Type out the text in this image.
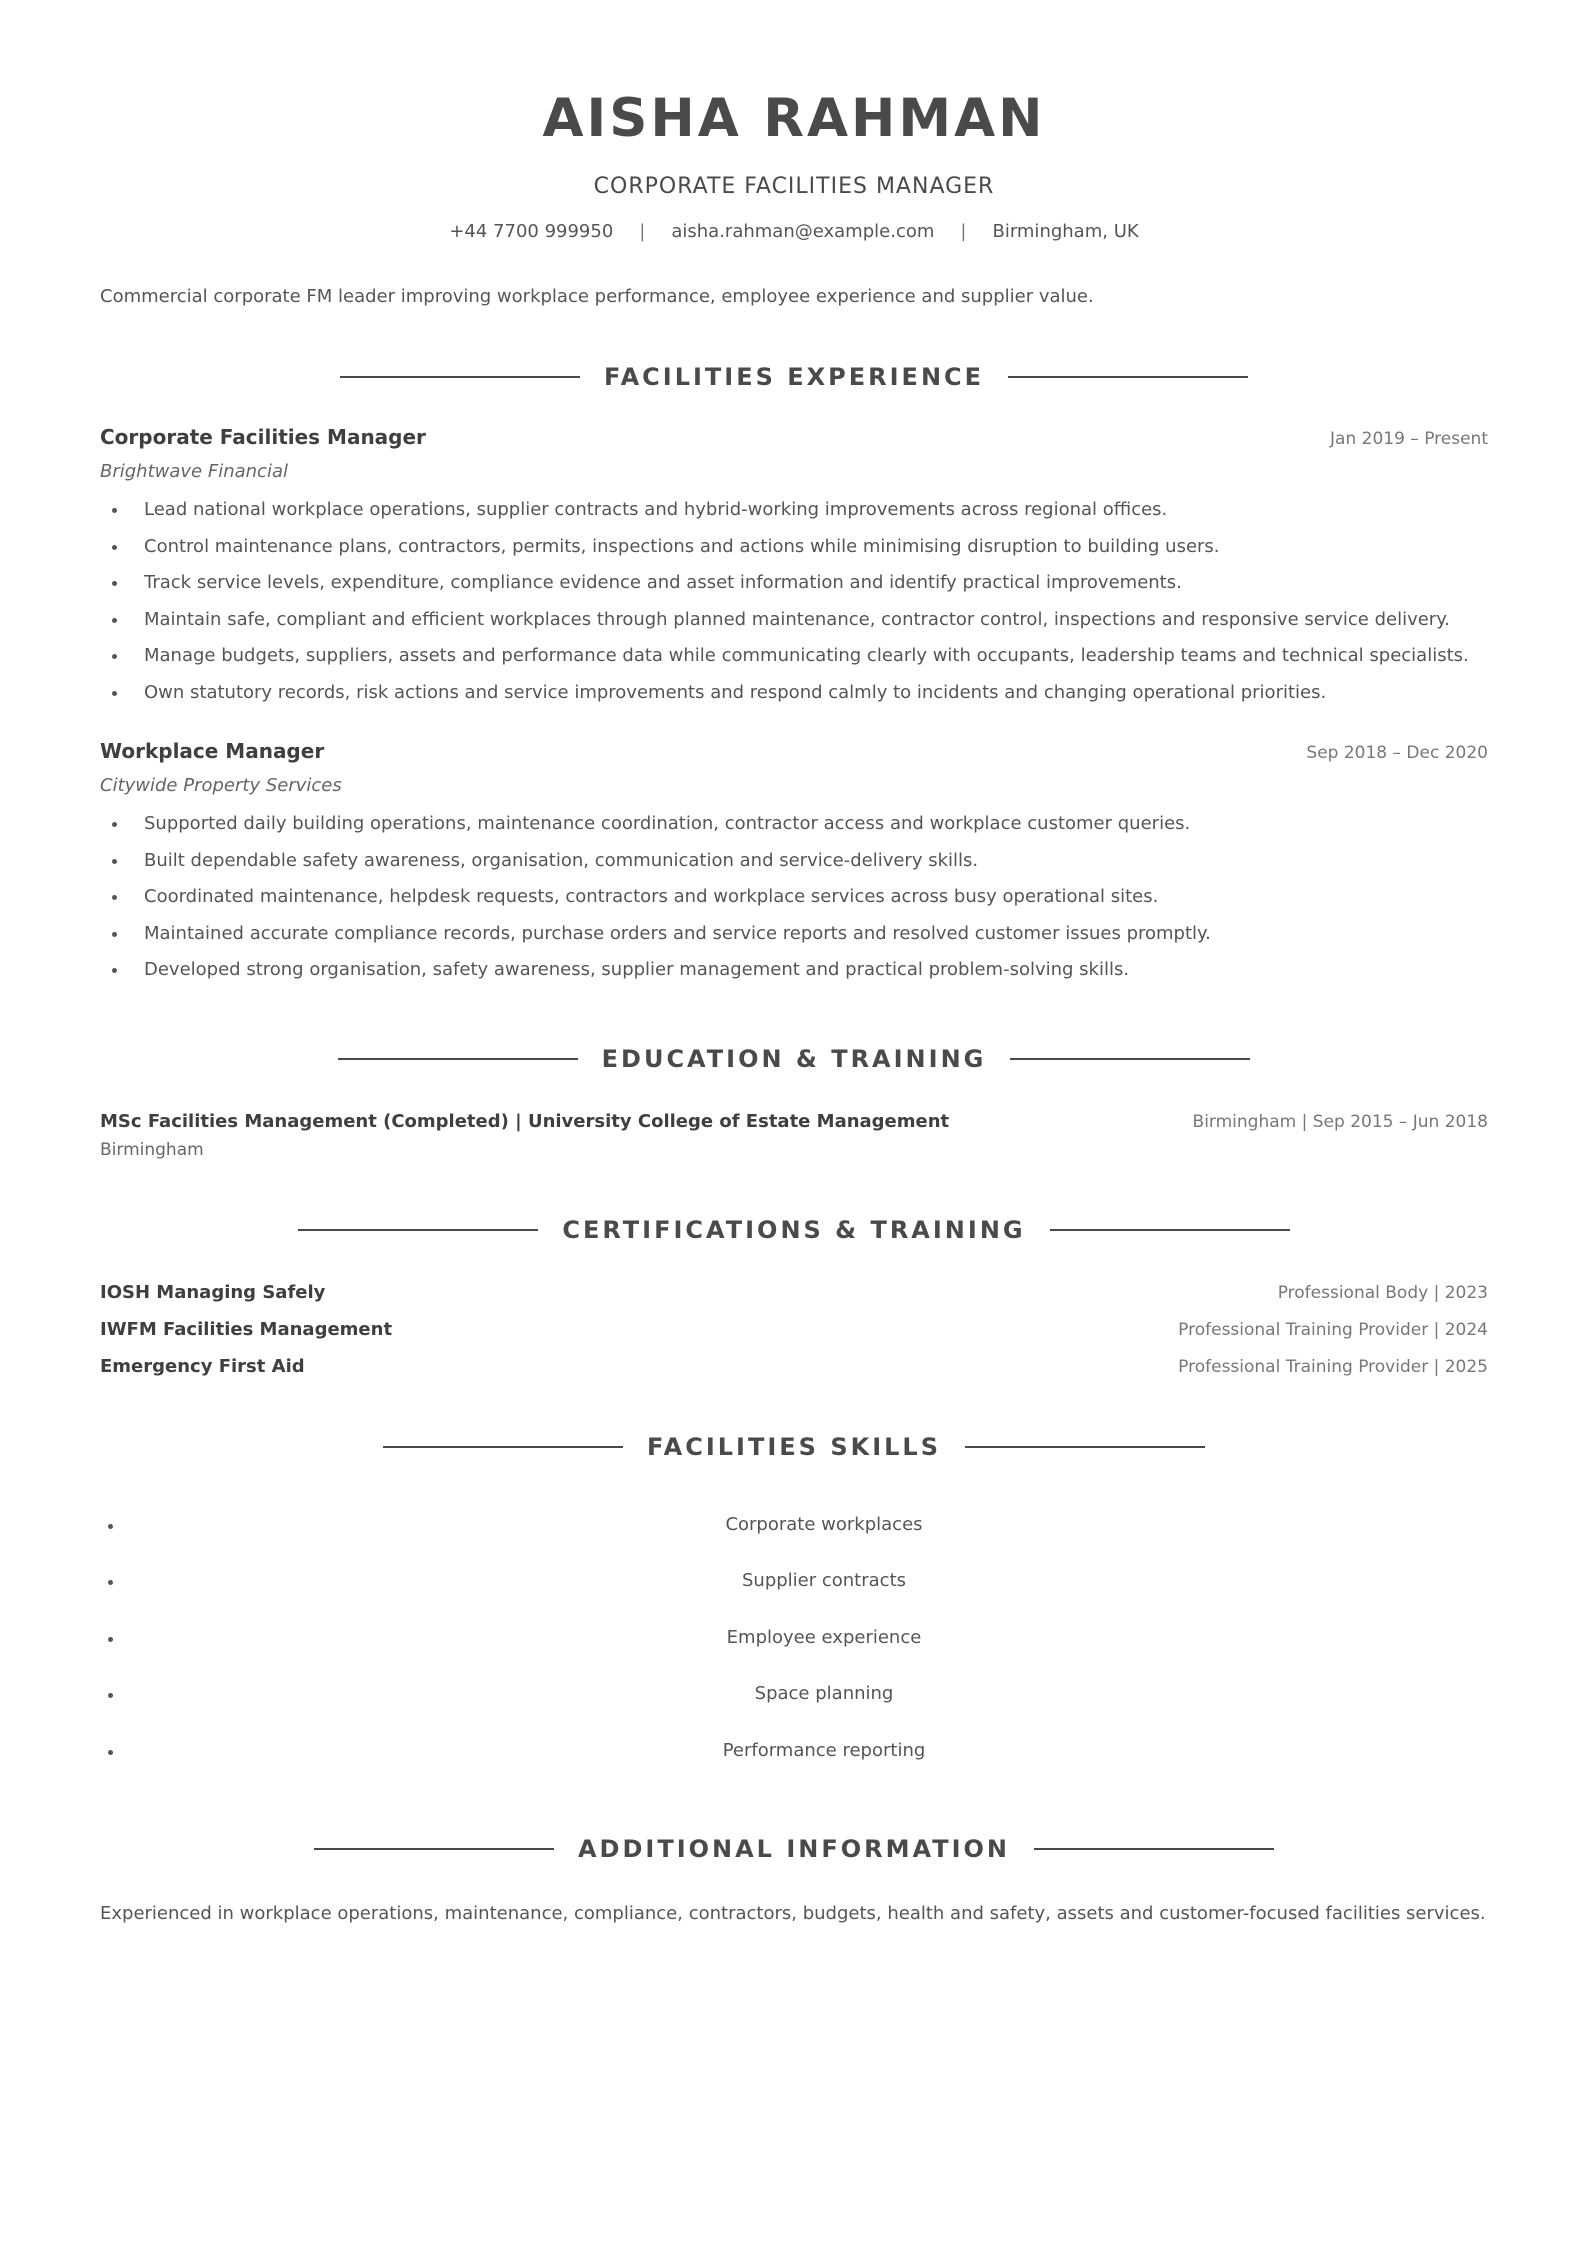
AISHA RAHMAN
CORPORATE FACILITIES MANAGER
+44 7700 999950 | aisha.rahman@example.com | Birmingham, UK
Commercial corporate FM leader improving workplace performance, employee experience and supplier value.
FACILITIES EXPERIENCE
Corporate Facilities Manager	Jan 2019 – Present
Brightwave Financial
Lead national workplace operations, supplier contracts and hybrid-working improvements across regional offices.
Control maintenance plans, contractors, permits, inspections and actions while minimising disruption to building users.
Track service levels, expenditure, compliance evidence and asset information and identify practical improvements.
Maintain safe, compliant and efficient workplaces through planned maintenance, contractor control, inspections and responsive service delivery.
Manage budgets, suppliers, assets and performance data while communicating clearly with occupants, leadership teams and technical specialists.
Own statutory records, risk actions and service improvements and respond calmly to incidents and changing operational priorities.
Workplace Manager	Sep 2018 – Dec 2020
Citywide Property Services
Supported daily building operations, maintenance coordination, contractor access and workplace customer queries.
Built dependable safety awareness, organisation, communication and service-delivery skills.
Coordinated maintenance, helpdesk requests, contractors and workplace services across busy operational sites.
Maintained accurate compliance records, purchase orders and service reports and resolved customer issues promptly.
Developed strong organisation, safety awareness, supplier management and practical problem-solving skills.
EDUCATION & TRAINING
MSc Facilities Management (Completed) | University College of Estate Management	Birmingham | Sep 2015 – Jun 2018
Birmingham
CERTIFICATIONS & TRAINING
IOSH Managing Safely	Professional Body | 2023
IWFM Facilities Management	Professional Training Provider | 2024
Emergency First Aid	Professional Training Provider | 2025
FACILITIES SKILLS
Corporate workplaces
Supplier contracts
Employee experience
Space planning
Performance reporting
ADDITIONAL INFORMATION
Experienced in workplace operations, maintenance, compliance, contractors, budgets, health and safety, assets and customer-focused facilities services.
